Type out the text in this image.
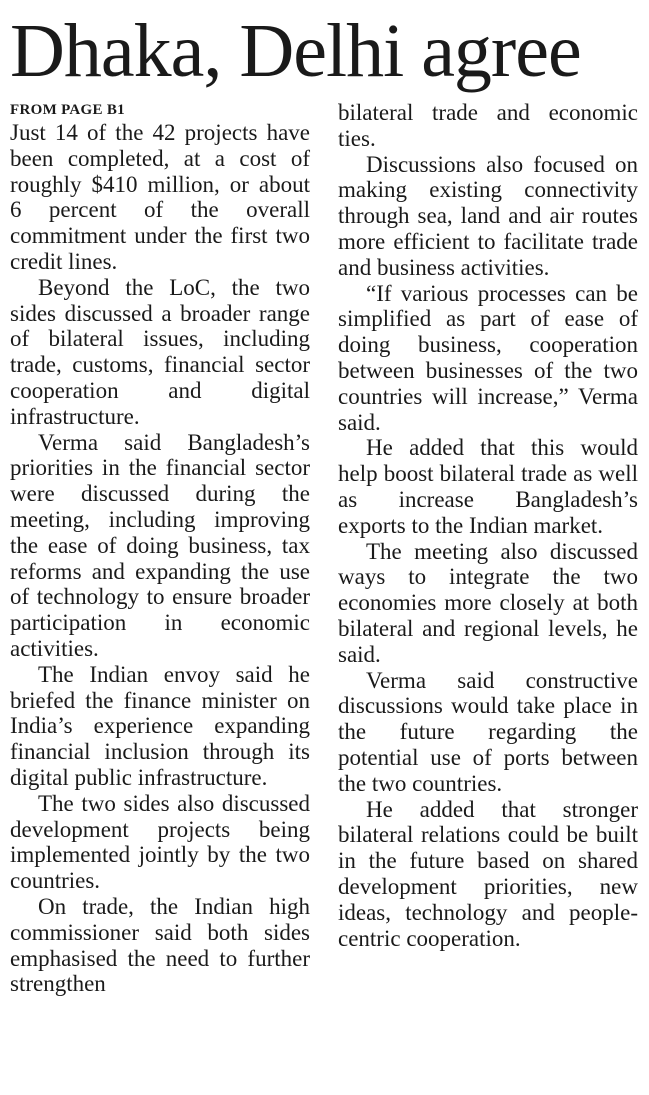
Dhaka, Delhi agree
FROM PAGE B1

Just 14 of the 42 projects have been completed, at a cost of roughly $410 million, or about 6 percent of the overall commitment under the first two credit lines.

Beyond the LoC, the two sides discussed a broader range of bilateral issues, including trade, customs, financial sector cooperation and digital infrastructure.

Verma said Bangladesh’s priorities in the financial sector were discussed during the meeting, including improving the ease of doing business, tax reforms and expanding the use of technology to ensure broader participation in economic activities.

The Indian envoy said he briefed the finance minister on India’s experience expanding financial inclusion through its digital public infrastructure.

The two sides also discussed development projects being implemented jointly by the two countries.

On trade, the Indian high commissioner said both sides emphasised the need to further strengthen

bilateral trade and economic ties.

Discussions also focused on making existing connectivity through sea, land and air routes more efficient to facilitate trade and business activities.

“If various processes can be simplified as part of ease of doing business, cooperation between businesses of the two countries will increase,” Verma said.

He added that this would help boost bilateral trade as well as increase Bangladesh’s exports to the Indian market.

The meeting also discussed ways to integrate the two economies more closely at both bilateral and regional levels, he said.

Verma said constructive discussions would take place in the future regarding the potential use of ports between the two countries.

He added that stronger bilateral relations could be built in the future based on shared development priorities, new ideas, technology and people-centric cooperation.
